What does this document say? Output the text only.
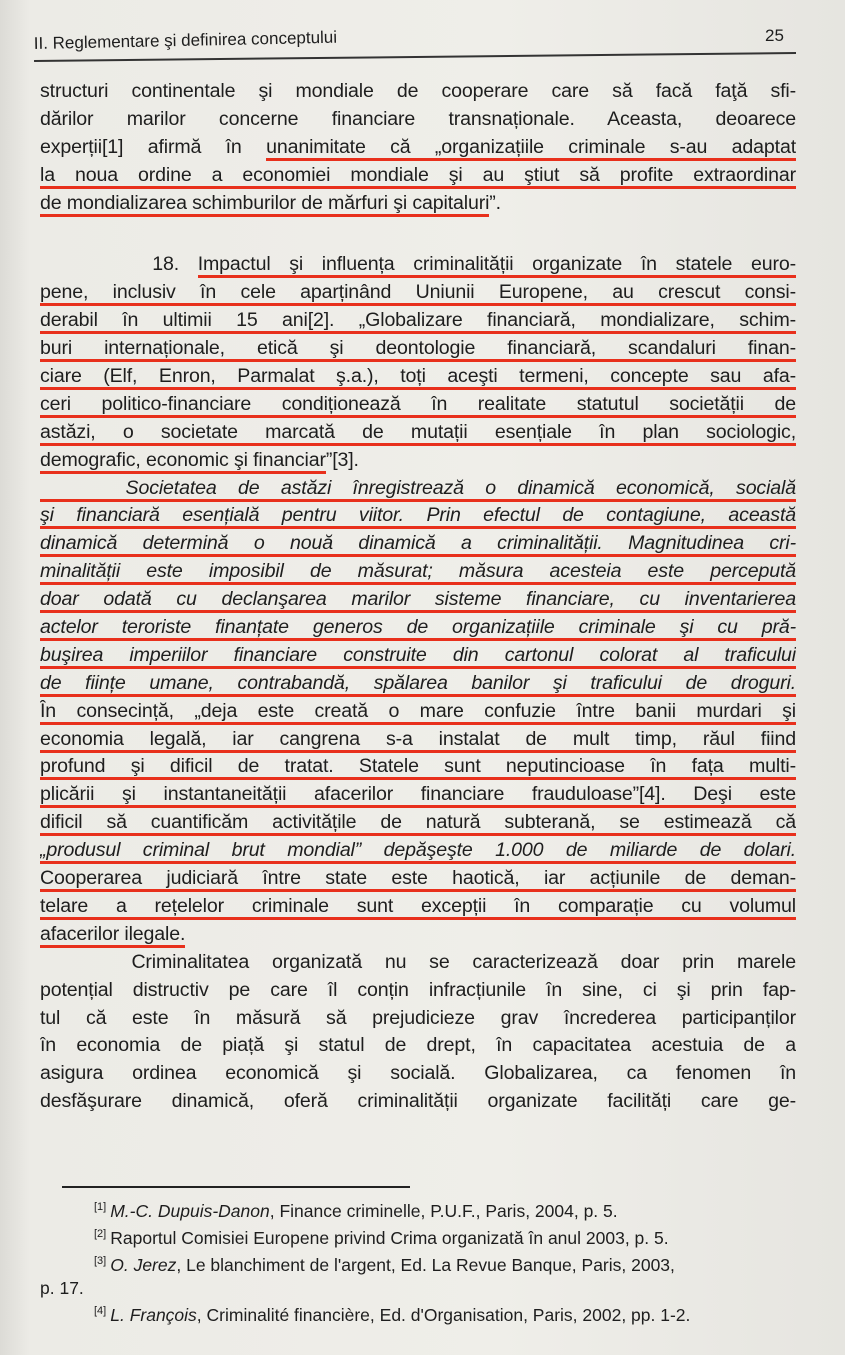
II. Reglementare şi definirea conceptului	25
structuri continentale şi mondiale de cooperare care să facă faţă sfi-
dărilor marilor concerne financiare transnaționale. Aceasta, deoarece
experții[1] afirmă în unanimitate că „organizațiile criminale s-au adaptat
la noua ordine a economiei mondiale şi au ştiut să profite extraordinar
de mondializarea schimburilor de mărfuri şi capitaluri”.
18. Impactul şi influența criminalității organizate în statele euro-
pene, inclusiv în cele aparținând Uniunii Europene, au crescut consi-
derabil în ultimii 15 ani[2]. „Globalizare financiară, mondializare, schim-
buri internaționale, etică şi deontologie financiară, scandaluri finan-
ciare (Elf, Enron, Parmalat ş.a.), toți aceşti termeni, concepte sau afa-
ceri politico-financiare condiționează în realitate statutul societății de
astăzi, o societate marcată de mutații esențiale în plan sociologic,
demografic, economic şi financiar”[3].
Societatea de astăzi înregistrează o dinamică economică, socială
şi financiară esențială pentru viitor. Prin efectul de contagiune, această
dinamică determină o nouă dinamică a criminalității. Magnitudinea cri-
minalității este imposibil de măsurat; măsura acesteia este percepută
doar odată cu declanşarea marilor sisteme financiare, cu inventarierea
actelor teroriste finanțate generos de organizațiile criminale şi cu pră-
buşirea imperiilor financiare construite din cartonul colorat al traficului
de ființe umane, contrabandă, spălarea banilor şi traficului de droguri.
În consecință, „deja este creată o mare confuzie între banii murdari şi
economia legală, iar cangrena s-a instalat de mult timp, răul fiind
profund şi dificil de tratat. Statele sunt neputincioase în fața multi-
plicării şi instantaneității afacerilor financiare frauduloase”[4]. Deşi este
dificil să cuantificăm activitățile de natură subterană, se estimează că
„produsul criminal brut mondial” depăşeşte 1.000 de miliarde de dolari.
Cooperarea judiciară între state este haotică, iar acțiunile de deman-
telare a rețelelor criminale sunt excepții în comparație cu volumul
afacerilor ilegale.
Criminalitatea organizată nu se caracterizează doar prin marele
potențial distructiv pe care îl conțin infracțiunile în sine, ci şi prin fap-
tul că este în măsură să prejudicieze grav încrederea participanților
în economia de piață şi statul de drept, în capacitatea acestuia de a
asigura ordinea economică şi socială. Globalizarea, ca fenomen în
desfăşurare dinamică, oferă criminalității organizate facilități care ge-
[1] M.-C. Dupuis-Danon, Finance criminelle, P.U.F., Paris, 2004, p. 5.
[2] Raportul Comisiei Europene privind Crima organizată în anul 2003, p. 5.
[3] O. Jerez, Le blanchiment de l'argent, Ed. La Revue Banque, Paris, 2003,
p. 17.
[4] L. François, Criminalité financière, Ed. d'Organisation, Paris, 2002, pp. 1-2.
